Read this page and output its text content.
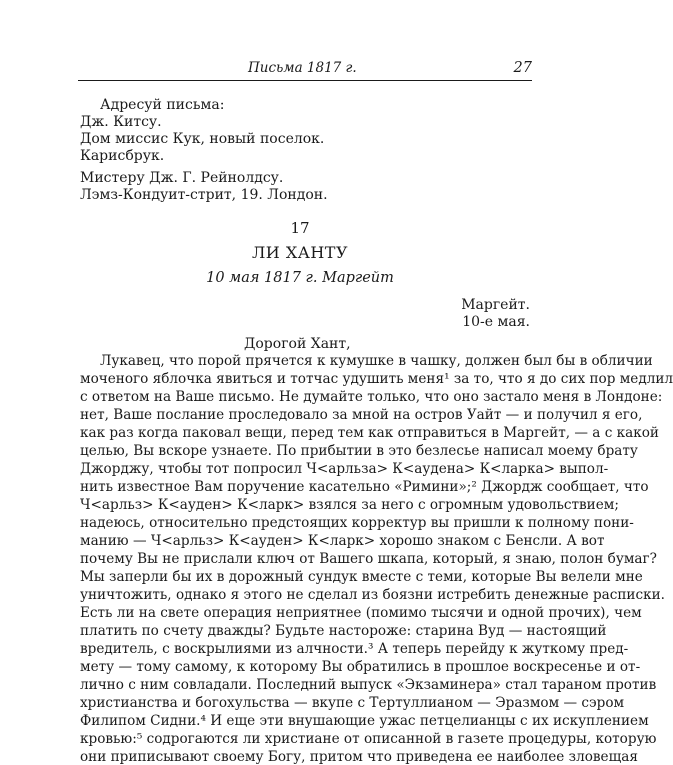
Письма 1817 г.	27
Адресуй письма:
Дж. Китсу.
Дом миссис Кук, новый поселок.
Карисбрук.
Мистеру Дж. Г. Рейнолдсу.
Лэмз-Кондуит-стрит, 19. Лондон.
17
ЛИ ХАНТУ
10 мая 1817 г. Маргейт
Маргейт.
10-е мая.
Дорогой Хант,
Лукавец, что порой прячется к кумушке в чашку, должен был бы в обличии
моченого яблочка явиться и тотчас удушить меня¹ за то, что я до сих пор медлил
с ответом на Ваше письмо. Не думайте только, что оно застало меня в Лондоне:
нет, Ваше послание проследовало за мной на остров Уайт — и получил я его,
как раз когда паковал вещи, перед тем как отправиться в Маргейт, — а с какой
целью, Вы вскоре узнаете. По прибытии в это безлесье написал моему брату
Джорджу, чтобы тот попросил Ч<арльза> К<аудена> К<ларка> выпол-
нить известное Вам поручение касательно «Римини»;² Джордж сообщает, что
Ч<арльз> К<ауден> К<ларк> взялся за него с огромным удовольствием;
надеюсь, относительно предстоящих корректур вы пришли к полному пони-
манию — Ч<арльз> К<ауден> К<ларк> хорошо знаком с Бенсли. А вот
почему Вы не прислали ключ от Вашего шкапа, который, я знаю, полон бумаг?
Мы заперли бы их в дорожный сундук вместе с теми, которые Вы велели мне
уничтожить, однако я этого не сделал из боязни истребить денежные расписки.
Есть ли на свете операция неприятнее (помимо тысячи и одной прочих), чем
платить по счету дважды? Будьте настороже: старина Вуд — настоящий
вредитель, с воскрылиями из алчности.³ А теперь перейду к жуткому пред-
мету — тому самому, к которому Вы обратились в прошлое воскресенье и от-
лично с ним совладали. Последний выпуск «Экзаминера» стал тараном против
христианства и богохульства — вкупе с Тертуллианом — Эразмом — сэром
Филипом Сидни.⁴ И еще эти внушающие ужас петцелианцы с их искуплением
кровью:⁵ содрогаются ли христиане от описанной в газете процедуры, которую
они приписывают своему Богу, притом что приведена ее наиболее зловещая
